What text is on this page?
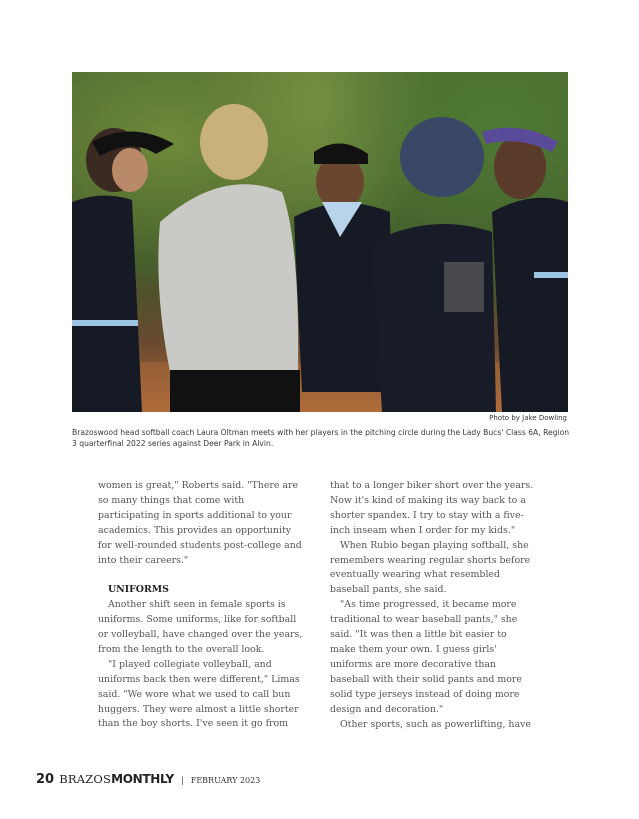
Photo by Jake Dowling
Brazoswood head softball coach Laura Oltman meets with her players in the pitching circle during the Lady Bucs' Class 6A, Region 3 quarterfinal 2022 series against Deer Park in Alvin.

women is great," Roberts said. "There are so many things that come with participating in sports additional to your academics. This provides an opportunity for well-rounded students post-college and into their careers."

UNIFORMS

Another shift seen in female sports is uniforms. Some uniforms, like for softball or volleyball, have changed over the years, from the length to the overall look.

"I played collegiate volleyball, and uniforms back then were different," Limas said. "We wore what we used to call bun huggers. They were almost a little shorter than the boy shorts. I've seen it go from

that to a longer biker short over the years. Now it's kind of making its way back to a shorter spandex. I try to stay with a five-inch inseam when I order for my kids."

When Rubio began playing softball, she remembers wearing regular shorts before eventually wearing what resembled baseball pants, she said.

"As time progressed, it became more traditional to wear baseball pants," she said. "It was then a little bit easier to make them your own. I guess girls' uniforms are more decorative than baseball with their solid pants and more solid type jerseys instead of doing more design and decoration."

Other sports, such as powerlifting, have

20 BRAZOSMONTHLY | FEBRUARY 2023
